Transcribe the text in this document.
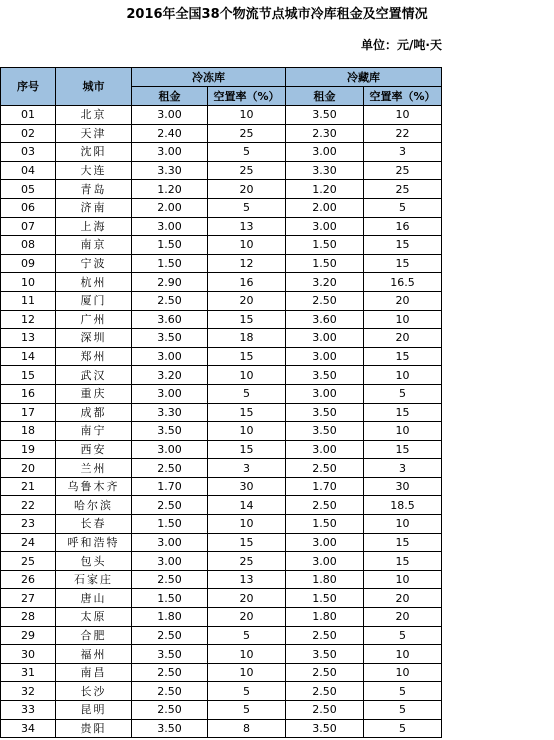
2016年全国38个物流节点城市冷库租金及空置情况
单位：元/吨·天
序号	城市	冷冻库		冷藏库	
		租金	空置率（%）	租金	空置率（%）
01	北京	3.00	10	3.50	10
02	天津	2.40	25	2.30	22
03	沈阳	3.00	5	3.00	3
04	大连	3.30	25	3.30	25
05	青岛	1.20	20	1.20	25
06	济南	2.00	5	2.00	5
07	上海	3.00	13	3.00	16
08	南京	1.50	10	1.50	15
09	宁波	1.50	12	1.50	15
10	杭州	2.90	16	3.20	16.5
11	厦门	2.50	20	2.50	20
12	广州	3.60	15	3.60	10
13	深圳	3.50	18	3.00	20
14	郑州	3.00	15	3.00	15
15	武汉	3.20	10	3.50	10
16	重庆	3.00	5	3.00	5
17	成都	3.30	15	3.50	15
18	南宁	3.50	10	3.50	10
19	西安	3.00	15	3.00	15
20	兰州	2.50	3	2.50	3
21	乌鲁木齐	1.70	30	1.70	30
22	哈尔滨	2.50	14	2.50	18.5
23	长春	1.50	10	1.50	10
24	呼和浩特	3.00	15	3.00	15
25	包头	3.00	25	3.00	15
26	石家庄	2.50	13	1.80	10
27	唐山	1.50	20	1.50	20
28	太原	1.80	20	1.80	20
29	合肥	2.50	5	2.50	5
30	福州	3.50	10	3.50	10
31	南昌	2.50	10	2.50	10
32	长沙	2.50	5	2.50	5
33	昆明	2.50	5	2.50	5
34	贵阳	3.50	8	3.50	5
